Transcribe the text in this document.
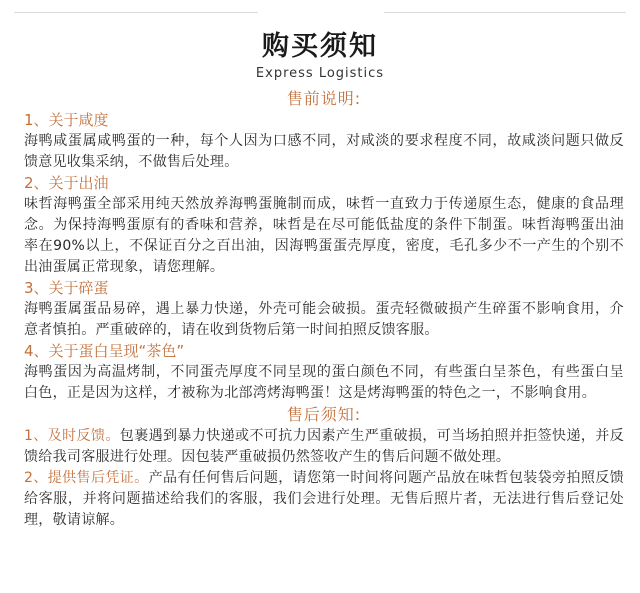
购买须知
Express Logistics
售前说明:
1、关于咸度
海鸭咸蛋属咸鸭蛋的一种，每个人因为口感不同，对咸淡的要求程度不同，故咸淡问题只做反馈意见收集采纳，不做售后处理。
2、关于出油
味哲海鸭蛋全部采用纯天然放养海鸭蛋腌制而成，味哲一直致力于传递原生态，健康的食品理念。为保持海鸭蛋原有的香味和营养，味哲是在尽可能低盐度的条件下制蛋。味哲海鸭蛋出油率在90%以上，不保证百分之百出油，因海鸭蛋蛋壳厚度，密度，毛孔多少不一产生的个别不出油蛋属正常现象，请您理解。
3、关于碎蛋
海鸭蛋属蛋品易碎，遇上暴力快递，外壳可能会破损。蛋壳轻微破损产生碎蛋不影响食用，介意者慎拍。严重破碎的，请在收到货物后第一时间拍照反馈客服。
4、关于蛋白呈现“茶色”
海鸭蛋因为高温烤制，不同蛋壳厚度不同呈现的蛋白颜色不同，有些蛋白呈茶色，有些蛋白呈白色，正是因为这样，才被称为北部湾烤海鸭蛋！这是烤海鸭蛋的特色之一，不影响食用。
售后须知:
1、及时反馈。包裹遇到暴力快递或不可抗力因素产生严重破损，可当场拍照并拒签快递，并反馈给我司客服进行处理。因包装严重破损仍然签收产生的售后问题不做处理。
2、提供售后凭证。产品有任何售后问题，请您第一时间将问题产品放在味哲包装袋旁拍照反馈给客服，并将问题描述给我们的客服，我们会进行处理。无售后照片者，无法进行售后登记处理，敬请谅解。
